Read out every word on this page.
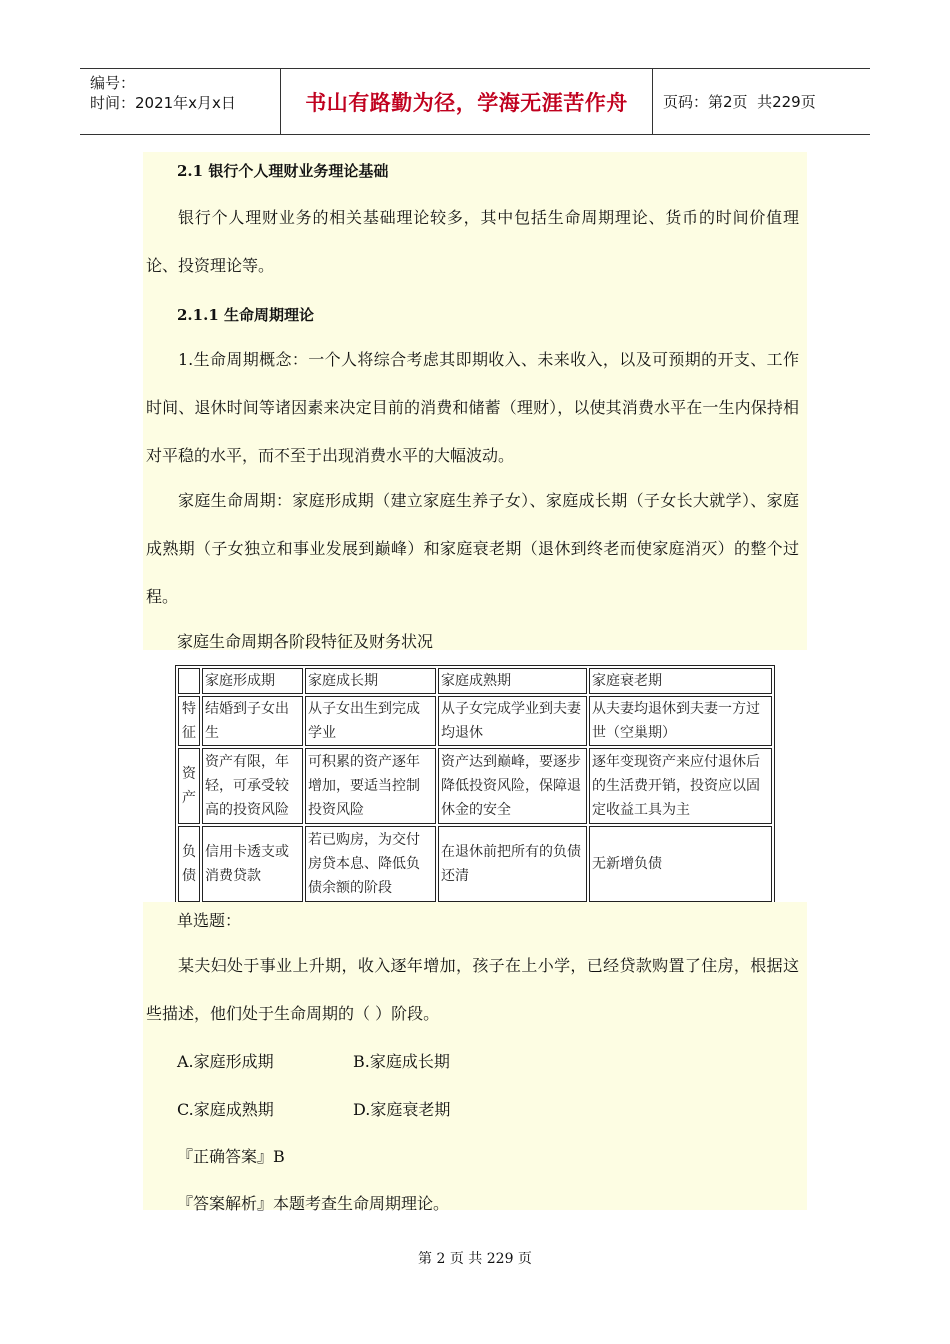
编号：
时间：2021年x月x日	书山有路勤为径，学海无涯苦作舟	页码：第2页  共229页
2.1 银行个人理财业务理论基础
银行个人理财业务的相关基础理论较多，其中包括生命周期理论、货币的时间价值理论、投资理论等。
2.1.1 生命周期理论
1.生命周期概念：一个人将综合考虑其即期收入、未来收入，以及可预期的开支、工作时间、退休时间等诸因素来决定目前的消费和储蓄（理财），以使其消费水平在一生内保持相对平稳的水平，而不至于出现消费水平的大幅波动。
家庭生命周期：家庭形成期（建立家庭生养子女）、家庭成长期（子女长大就学）、家庭成熟期（子女独立和事业发展到巅峰）和家庭衰老期（退休到终老而使家庭消灭）的整个过程。
家庭生命周期各阶段特征及财务状况
	家庭形成期	家庭成长期	家庭成熟期	家庭衰老期
特征	结婚到子女出生	从子女出生到完成学业	从子女完成学业到夫妻均退休	从夫妻均退休到夫妻一方过世（空巢期）
资产	资产有限，年轻，可承受较高的投资风险	可积累的资产逐年增加，要适当控制投资风险	资产达到巅峰，要逐步降低投资风险，保障退休金的安全	逐年变现资产来应付退休后的生活费开销，投资应以固定收益工具为主
负债	信用卡透支或消费贷款	若已购房，为交付房贷本息、降低负债余额的阶段	在退休前把所有的负债还清	无新增负债
单选题：
某夫妇处于事业上升期，收入逐年增加，孩子在上小学，已经贷款购置了住房，根据这些描述，他们处于生命周期的（ ）阶段。
A.家庭形成期	B.家庭成长期
C.家庭成熟期	D.家庭衰老期
『正确答案』B
『答案解析』本题考查生命周期理论。
第 2 页 共 229 页
